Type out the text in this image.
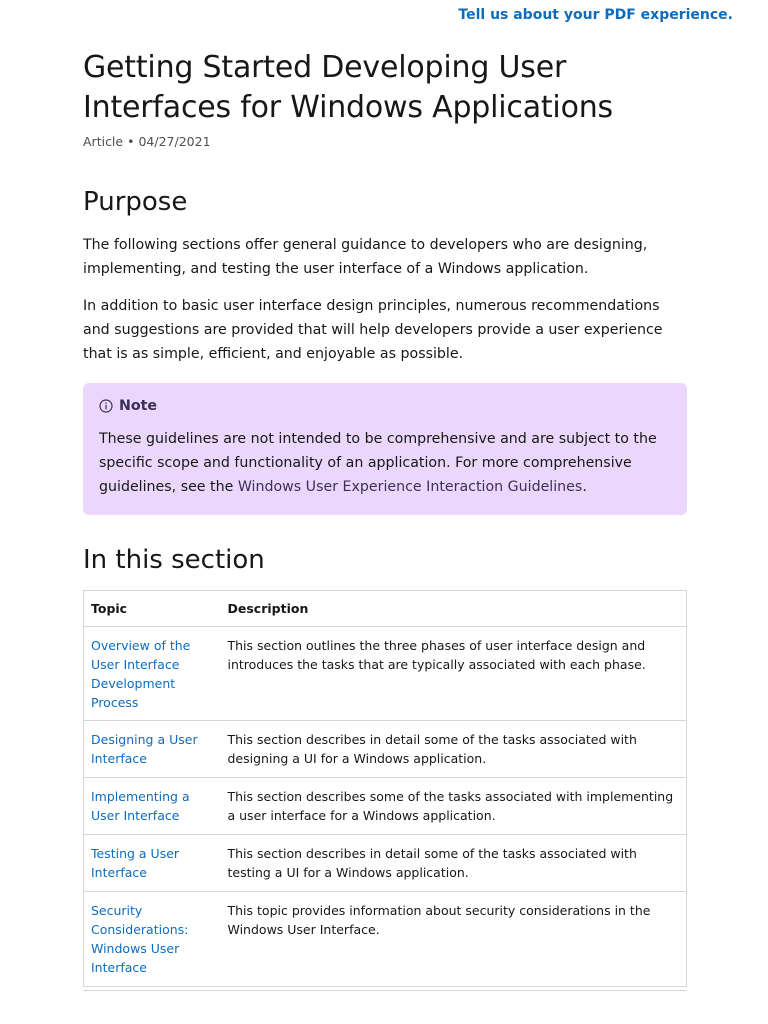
Tell us about your PDF experience.
Getting Started Developing User Interfaces for Windows Applications
Article • 04/27/2021
Purpose

The following sections offer general guidance to developers who are designing, implementing, and testing the user interface of a Windows application.

In addition to basic user interface design principles, numerous recommendations and suggestions are provided that will help developers provide a user experience that is as simple, efficient, and enjoyable as possible.

Note
These guidelines are not intended to be comprehensive and are subject to the specific scope and functionality of an application. For more comprehensive guidelines, see the Windows User Experience Interaction Guidelines.
In this section
Topic	Description
Overview of the User Interface Development Process	This section outlines the three phases of user interface design and introduces the tasks that are typically associated with each phase.
Designing a User Interface	This section describes in detail some of the tasks associated with designing a UI for a Windows application.
Implementing a User Interface	This section describes some of the tasks associated with implementing a user interface for a Windows application.
Testing a User Interface	This section describes in detail some of the tasks associated with testing a UI for a Windows application.
Security Considerations: Windows User Interface	This topic provides information about security considerations in the Windows User Interface.
